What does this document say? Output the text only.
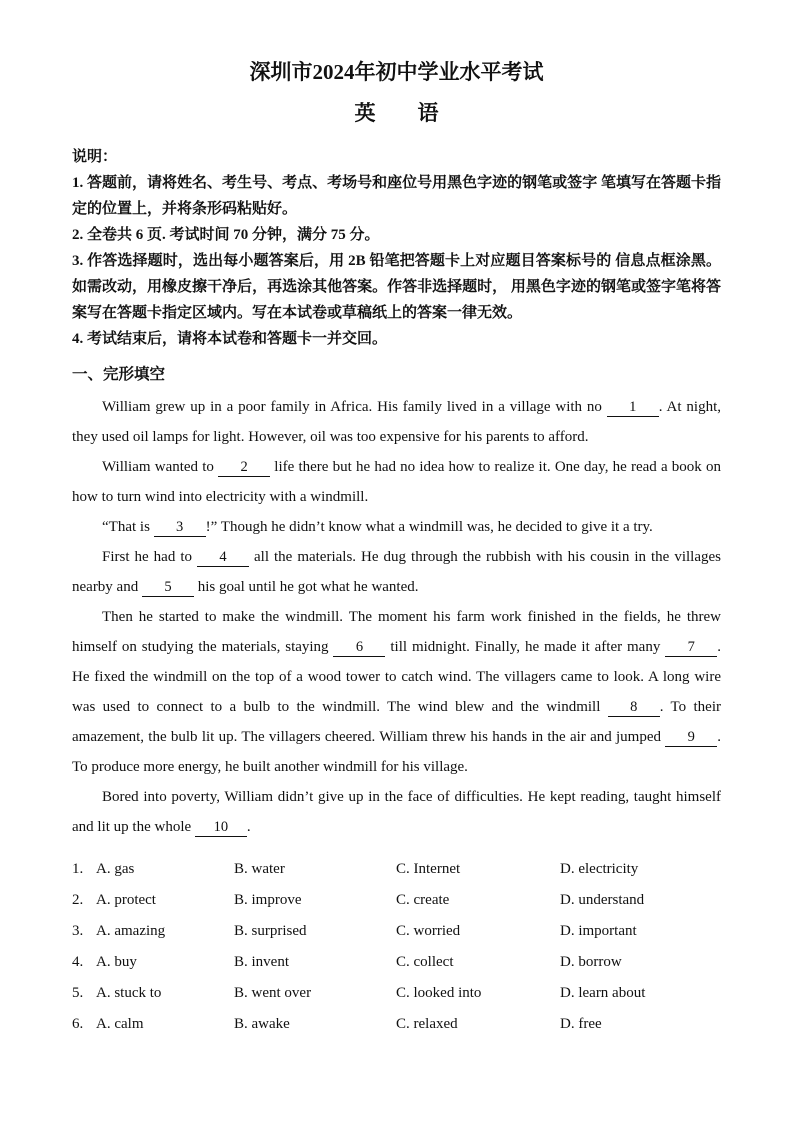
深圳市2024年初中学业水平考试
英　　语
说明：

1. 答题前，请将姓名、考生号、考点、考场号和座位号用黑色字迹的钢笔或签字 笔填写在答题卡指定的位置上，并将条形码粘贴好。

2. 全卷共 6 页. 考试时间 70 分钟，满分 75 分。

3. 作答选择题时，选出每小题答案后，用 2B 铅笔把答题卡上对应题目答案标号的 信息点框涂黑。如需改动，用橡皮擦干净后，再选涂其他答案。作答非选择题时， 用黑色字迹的钢笔或签字笔将答案写在答题卡指定区域内。写在本试卷或草稿纸上的答案一律无效。

4. 考试结束后，请将本试卷和答题卡一并交回。

一、完形填空

William grew up in a poor family in Africa. His family lived in a village with no 1 . At night, they used oil lamps for light. However, oil was too expensive for his parents to afford.

William wanted to 2 life there but he had no idea how to realize it. One day, he read a book on how to turn wind into electricity with a windmill.

“That is 3 !” Though he didn’t know what a windmill was, he decided to give it a try.

First he had to 4 all the materials. He dug through the rubbish with his cousin in the villages nearby and 5 his goal until he got what he wanted.

Then he started to make the windmill. The moment his farm work finished in the fields, he threw himself on studying the materials, staying 6 till midnight. Finally, he made it after many 7 . He fixed the windmill on the top of a wood tower to catch wind. The villagers came to look. A long wire was used to connect to a bulb to the windmill. The wind blew and the windmill 8 . To their amazement, the bulb lit up. The villagers cheered. William threw his hands in the air and jumped 9 . To produce more energy, he built another windmill for his village.

Bored into poverty, William didn’t give up in the face of difficulties. He kept reading, taught himself and lit up the whole 10 .

1. A. gas	B. water	C. Internet	D. electricity
2. A. protect	B. improve	C. create	D. understand
3. A. amazing	B. surprised	C. worried	D. important
4. A. buy	B. invent	C. collect	D. borrow
5. A. stuck to	B. went over	C. looked into	D. learn about
6. A. calm	B. awake	C. relaxed	D. free
